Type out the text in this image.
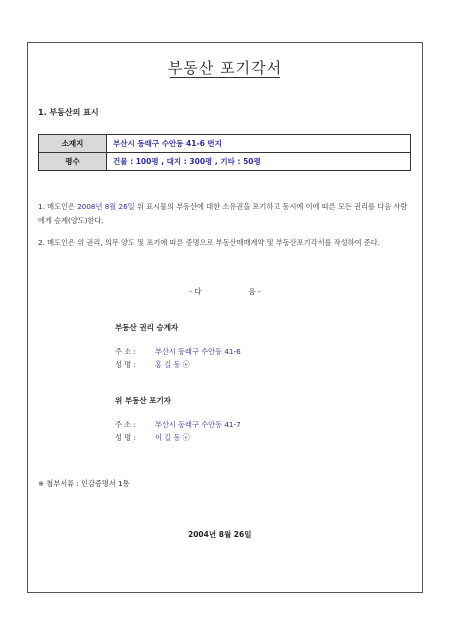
부동산 포기각서
1. 부동산의 표시
소재지	부산시 동래구 수안동 41-6 번지
평수	건물 : 100평 , 대지 : 300평 , 기타 : 50평
1. 매도인은 2008년 8월 26일 위 표시물의 부동산에 대한 소유권을 포기하고 동시에 이에 따른 모든 권리를 다음 사람에게 승계(양도)한다.
2. 매도인은 위 권리, 의무 양도 및 포기에 따른 증명으로 부동산매매계약 및 부동산포기각서를 작성하여 준다.
- 다	음 -
부동산 권리 승계자
주 소 :	부산시 동래구 수안동 41-6
성 명 :	홍 길 동 ⓔ
위 부동산 포기자
주 소 :	부산시 동래구 수안동 41-7
성 명 :	이 길 동 ⓔ
※ 첨부서류 : 인감증명서 1통
2004년 8월 26일
